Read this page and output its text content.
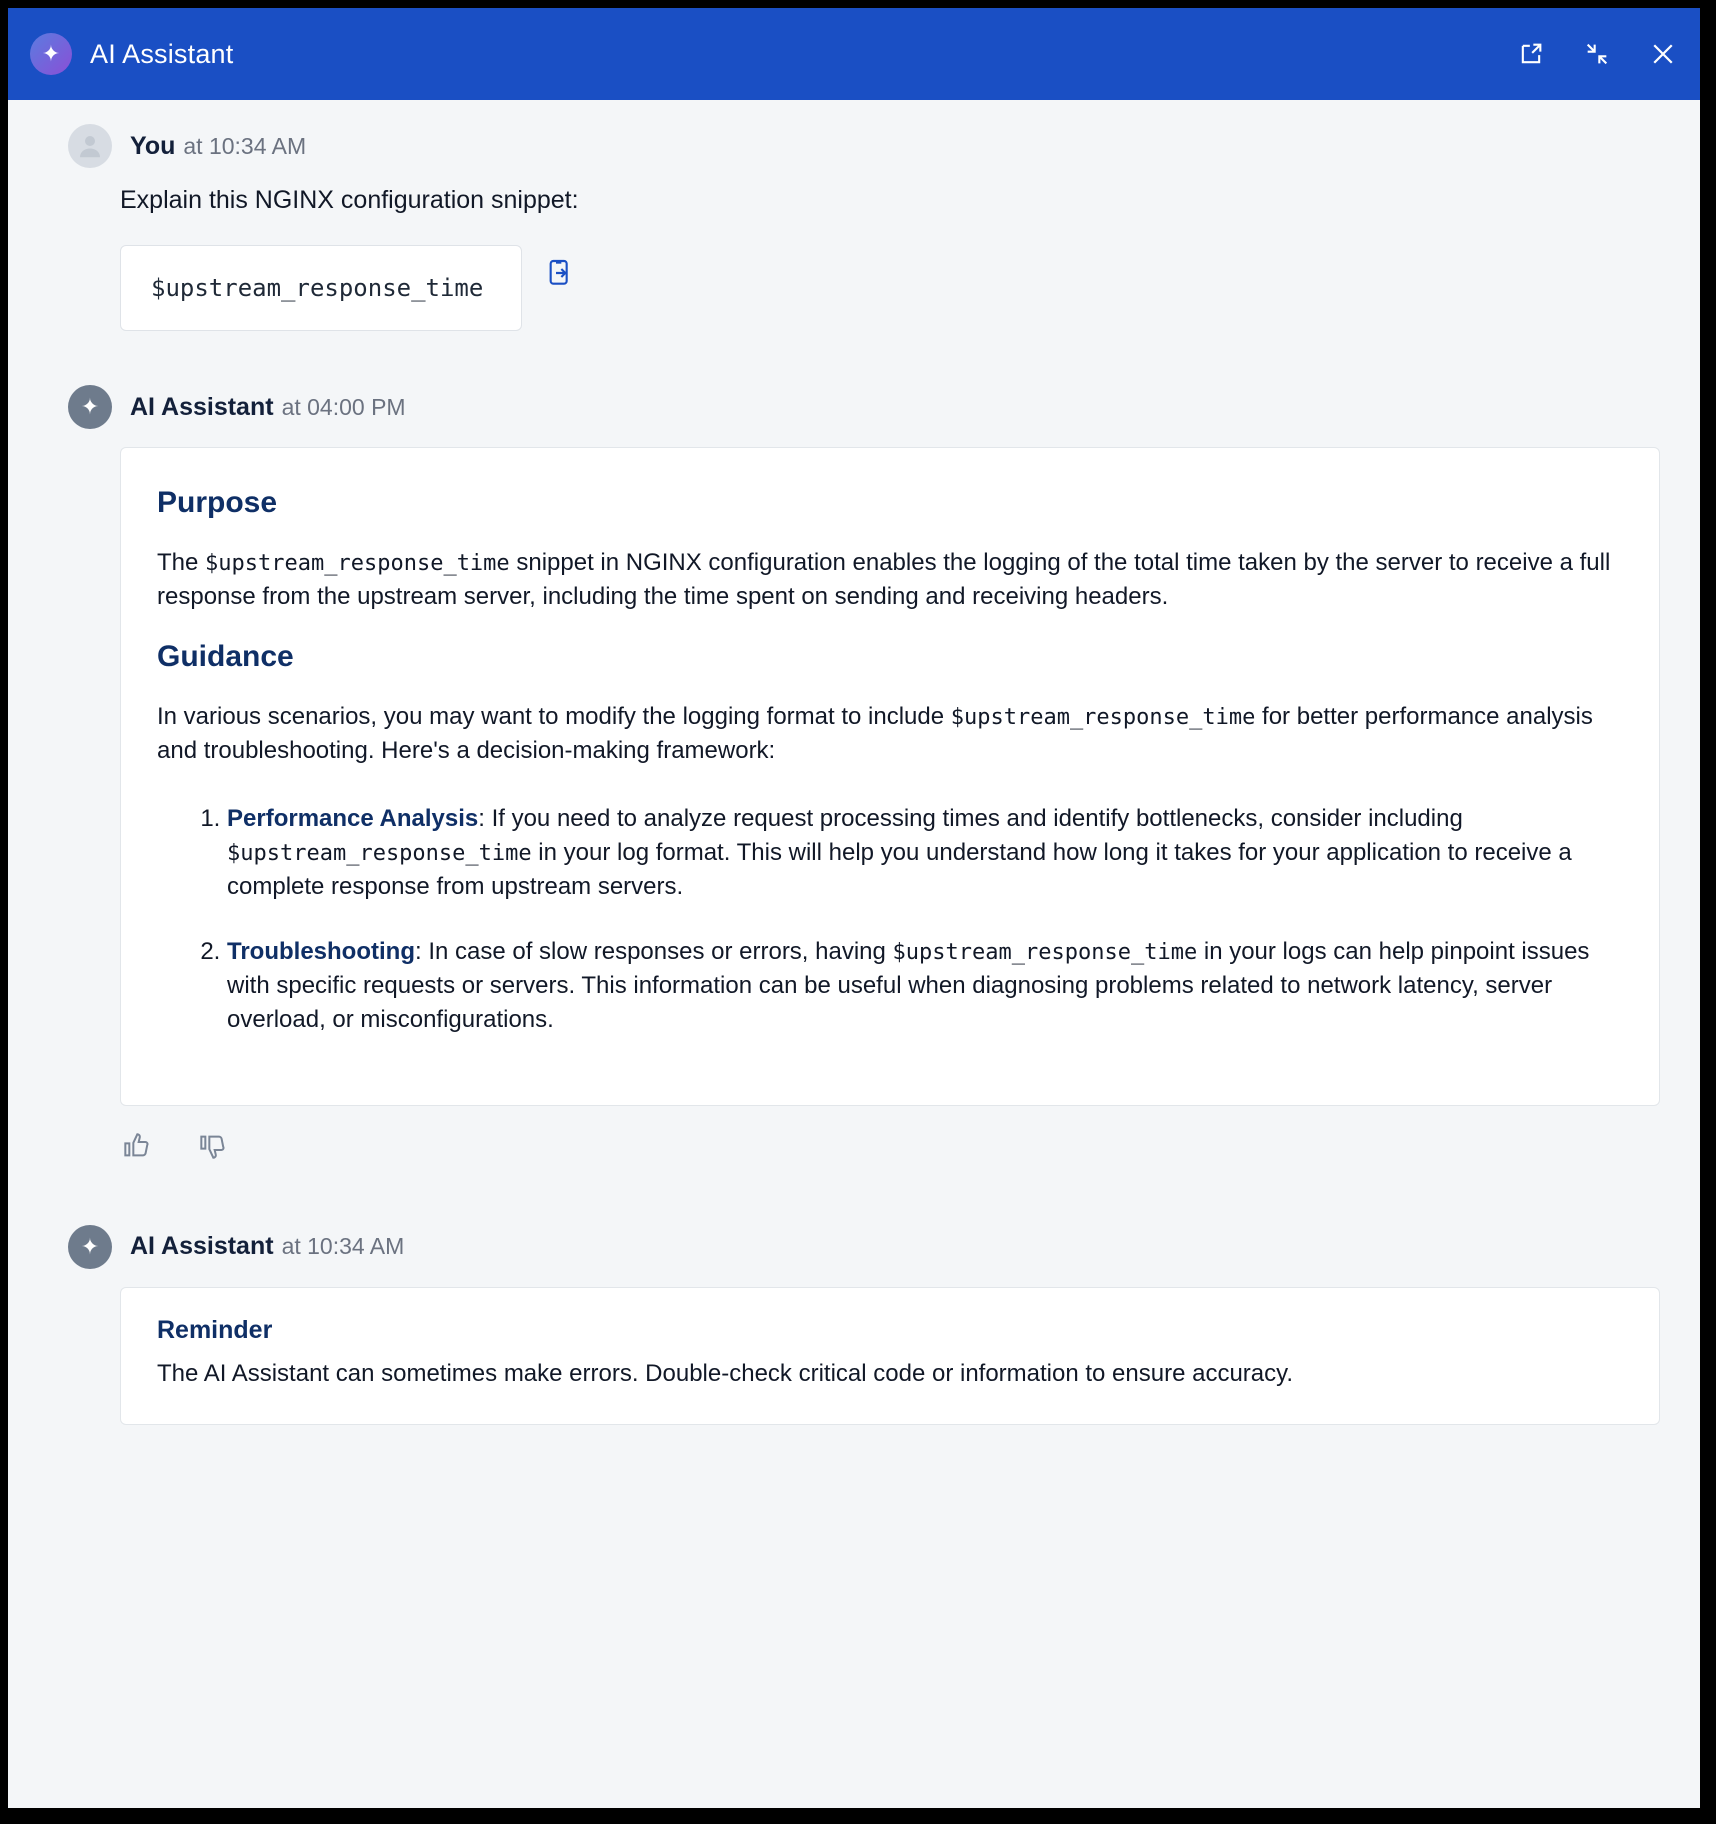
✦	AI Assistant
You at 10:34 AM
Explain this NGINX configuration snippet:
$upstream_response_time
✦	AI Assistant at 04:00 PM
Purpose

The $upstream_response_time snippet in NGINX configuration enables the logging of the total time taken by the server to receive a full response from the upstream server, including the time spent on sending and receiving headers.

Guidance

In various scenarios, you may want to modify the logging format to include $upstream_response_time for better performance analysis and troubleshooting. Here's a decision-making framework:

1. Performance Analysis: If you need to analyze request processing times and identify bottlenecks, consider including $upstream_response_time in your log format. This will help you understand how long it takes for your application to receive a complete response from upstream servers.
2. Troubleshooting: In case of slow responses or errors, having $upstream_response_time in your logs can help pinpoint issues with specific requests or servers. This information can be useful when diagnosing problems related to network latency, server overload, or misconfigurations.
✦	AI Assistant at 10:34 AM
Reminder
The AI Assistant can sometimes make errors. Double-check critical code or information to ensure accuracy.
